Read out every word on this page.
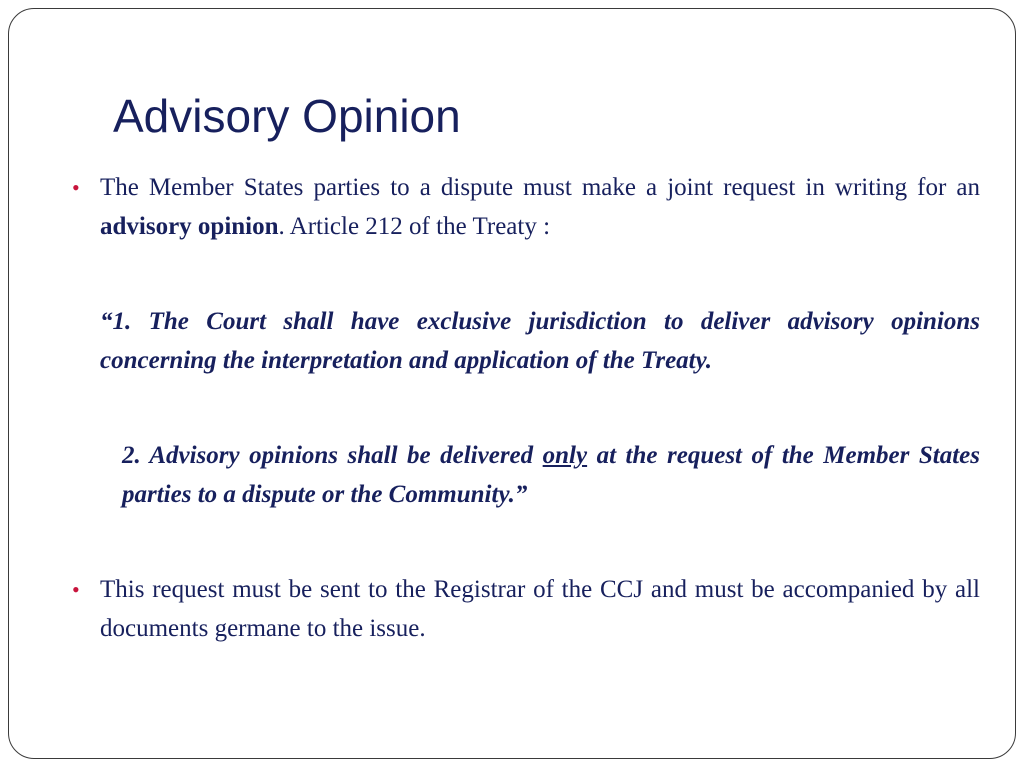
Advisory Opinion

• The Member States parties to a dispute must make a joint request in writing for an advisory opinion. Article 212 of the Treaty :

“1. The Court shall have exclusive jurisdiction to deliver advisory opinions concerning the interpretation and application of the Treaty.

2. Advisory opinions shall be delivered only at the request of the Member States parties to a dispute or the Community.”

• This request must be sent to the Registrar of the CCJ and must be accompanied by all documents germane to the issue.
